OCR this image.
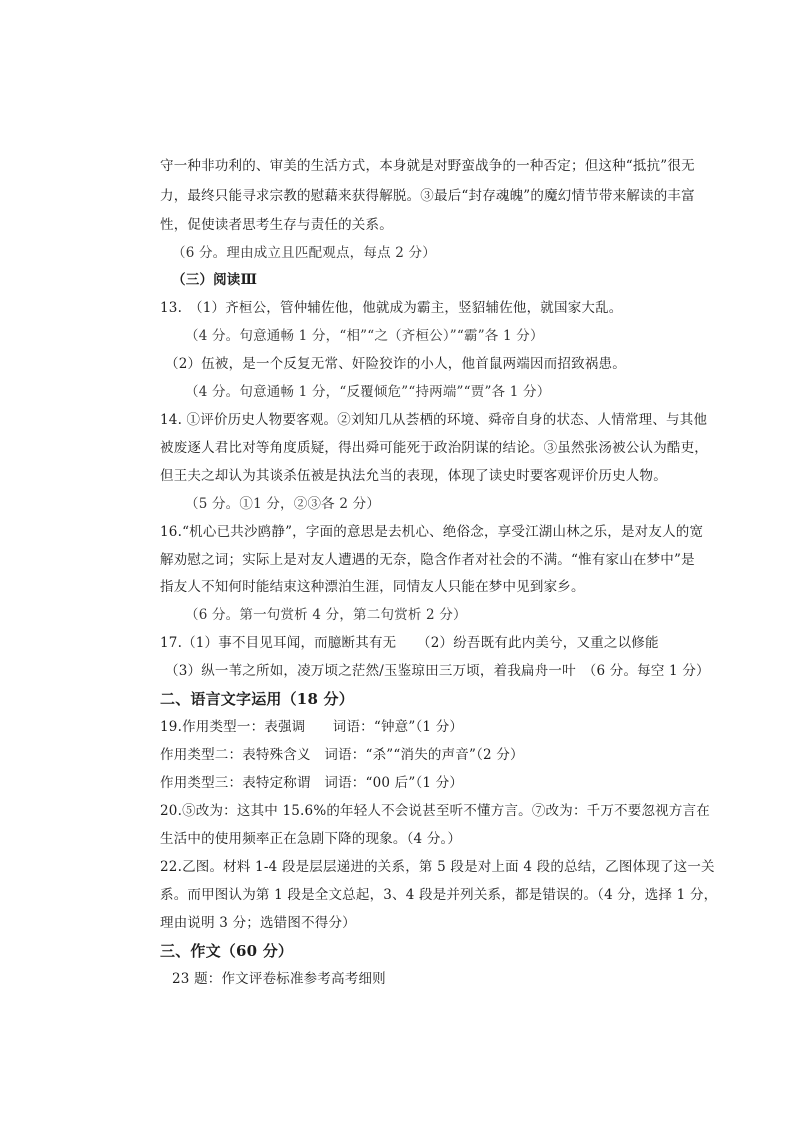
守一种非功利的、审美的生活方式，本身就是对野蛮战争的一种否定；但这种“抵抗”很无
力，最终只能寻求宗教的慰藉来获得解脱。③最后“封存魂魄”的魔幻情节带来解读的丰富
性，促使读者思考生存与责任的关系。
（6 分。理由成立且匹配观点，每点 2 分）
（三）阅读Ⅲ
13.　（1）齐桓公，管仲辅佐他，他就成为霸主，竖貂辅佐他，就国家大乱。
（4 分。句意通畅 1 分，“相”“之（齐桓公）”“霸”各 1 分）
（2）伍被，是一个反复无常、奸险狡诈的小人，他首鼠两端因而招致祸患。
（4 分。句意通畅 1 分，“反覆倾危”“持两端”“贾”各 1 分）
14. ①评价历史人物要客观。②刘知几从荟栖的环境、舜帝自身的状态、人情常理、与其他
被废逐人君比对等角度质疑，得出舜可能死于政治阴谋的结论。③虽然张汤被公认为酷吏，
但王夫之却认为其谈杀伍被是执法允当的表现，体现了读史时要客观评价历史人物。
（5 分。①1 分，②③各 2 分）
16.“机心已共沙鸥静”，字面的意思是去机心、绝俗念，享受江湖山林之乐，是对友人的宽
解劝慰之词；实际上是对友人遭遇的无奈，隐含作者对社会的不满。“惟有家山在梦中”是
指友人不知何时能结束这种漂泊生涯，同情友人只能在梦中见到家乡。
（6 分。第一句赏析 4 分，第二句赏析 2 分）
17.（1）事不目见耳闻，而臆断其有无　　（2）纷吾既有此内美兮，又重之以修能
（3）纵一苇之所如，凌万顷之茫然/玉鉴琼田三万顷，着我扁舟一叶　（6 分。每空 1 分）
二、语言文字运用（18 分）
19.作用类型一：表强调　　词语：“钟意”（1 分）
作用类型二：表特殊含义　词语：“杀”“消失的声音”（2 分）
作用类型三：表特定称谓　词语：“00 后”（1 分）
20.⑤改为：这其中 15.6%的年轻人不会说甚至听不懂方言。⑦改为：千万不要忽视方言在
生活中的使用频率正在急剧下降的现象。（4 分。）
22.乙图。材料 1-4 段是层层递进的关系，第 5 段是对上面 4 段的总结，乙图体现了这一关
系。而甲图认为第 1 段是全文总起，3、4 段是并列关系，都是错误的。（4 分，选择 1 分，
理由说明 3 分；选错图不得分）
三、作文（60 分）
23 题：作文评卷标准参考高考细则
